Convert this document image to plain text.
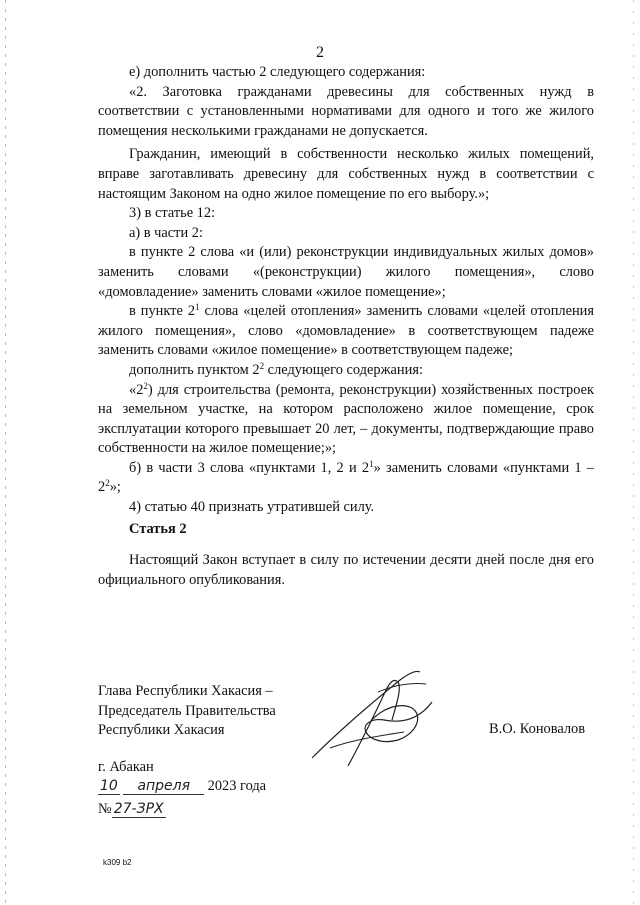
2

е) дополнить частью 2 следующего содержания:

«2. Заготовка гражданами древесины для собственных нужд в соответствии с установленными нормативами для одного и того же жилого помещения несколькими гражданами не допускается.

Гражданин, имеющий в собственности несколько жилых помещений, вправе заготавливать древесину для собственных нужд в соответствии с настоящим Законом на одно жилое помещение по его выбору.»;

3) в статье 12:

а) в части 2:

в пункте 2 слова «и (или) реконструкции индивидуальных жилых домов» заменить словами «(реконструкции) жилого помещения», слово «домовладение» заменить словами «жилое помещение»;

в пункте $2^1$ слова «целей отопления» заменить словами «целей отопления жилого помещения», слово «домовладение» в соответствующем падеже заменить словами «жилое помещение» в соответствующем падеже;

дополнить пунктом $2^2$ следующего содержания:

«$2^2$) для строительства (ремонта, реконструкции) хозяйственных построек на земельном участке, на котором расположено жилое помещение, срок эксплуатации которого превышает 20 лет, – документы, подтверждающие право собственности на жилое помещение;»;

б) в части 3 слова «пунктами 1, 2 и $2^1$» заменить словами «пунктами $1 - 2^2$»;

4) статью 40 признать утратившей силу.

Статья 2

Настоящий Закон вступает в силу по истечении десяти дней после дня его официального опубликования.

Глава Республики Хакасия –
Председатель Правительства
Республики Хакасия	В.О. Коновалов
г. Абакан
10 апреля 2023 года
№ 27-ЗРХ
k309 b2
